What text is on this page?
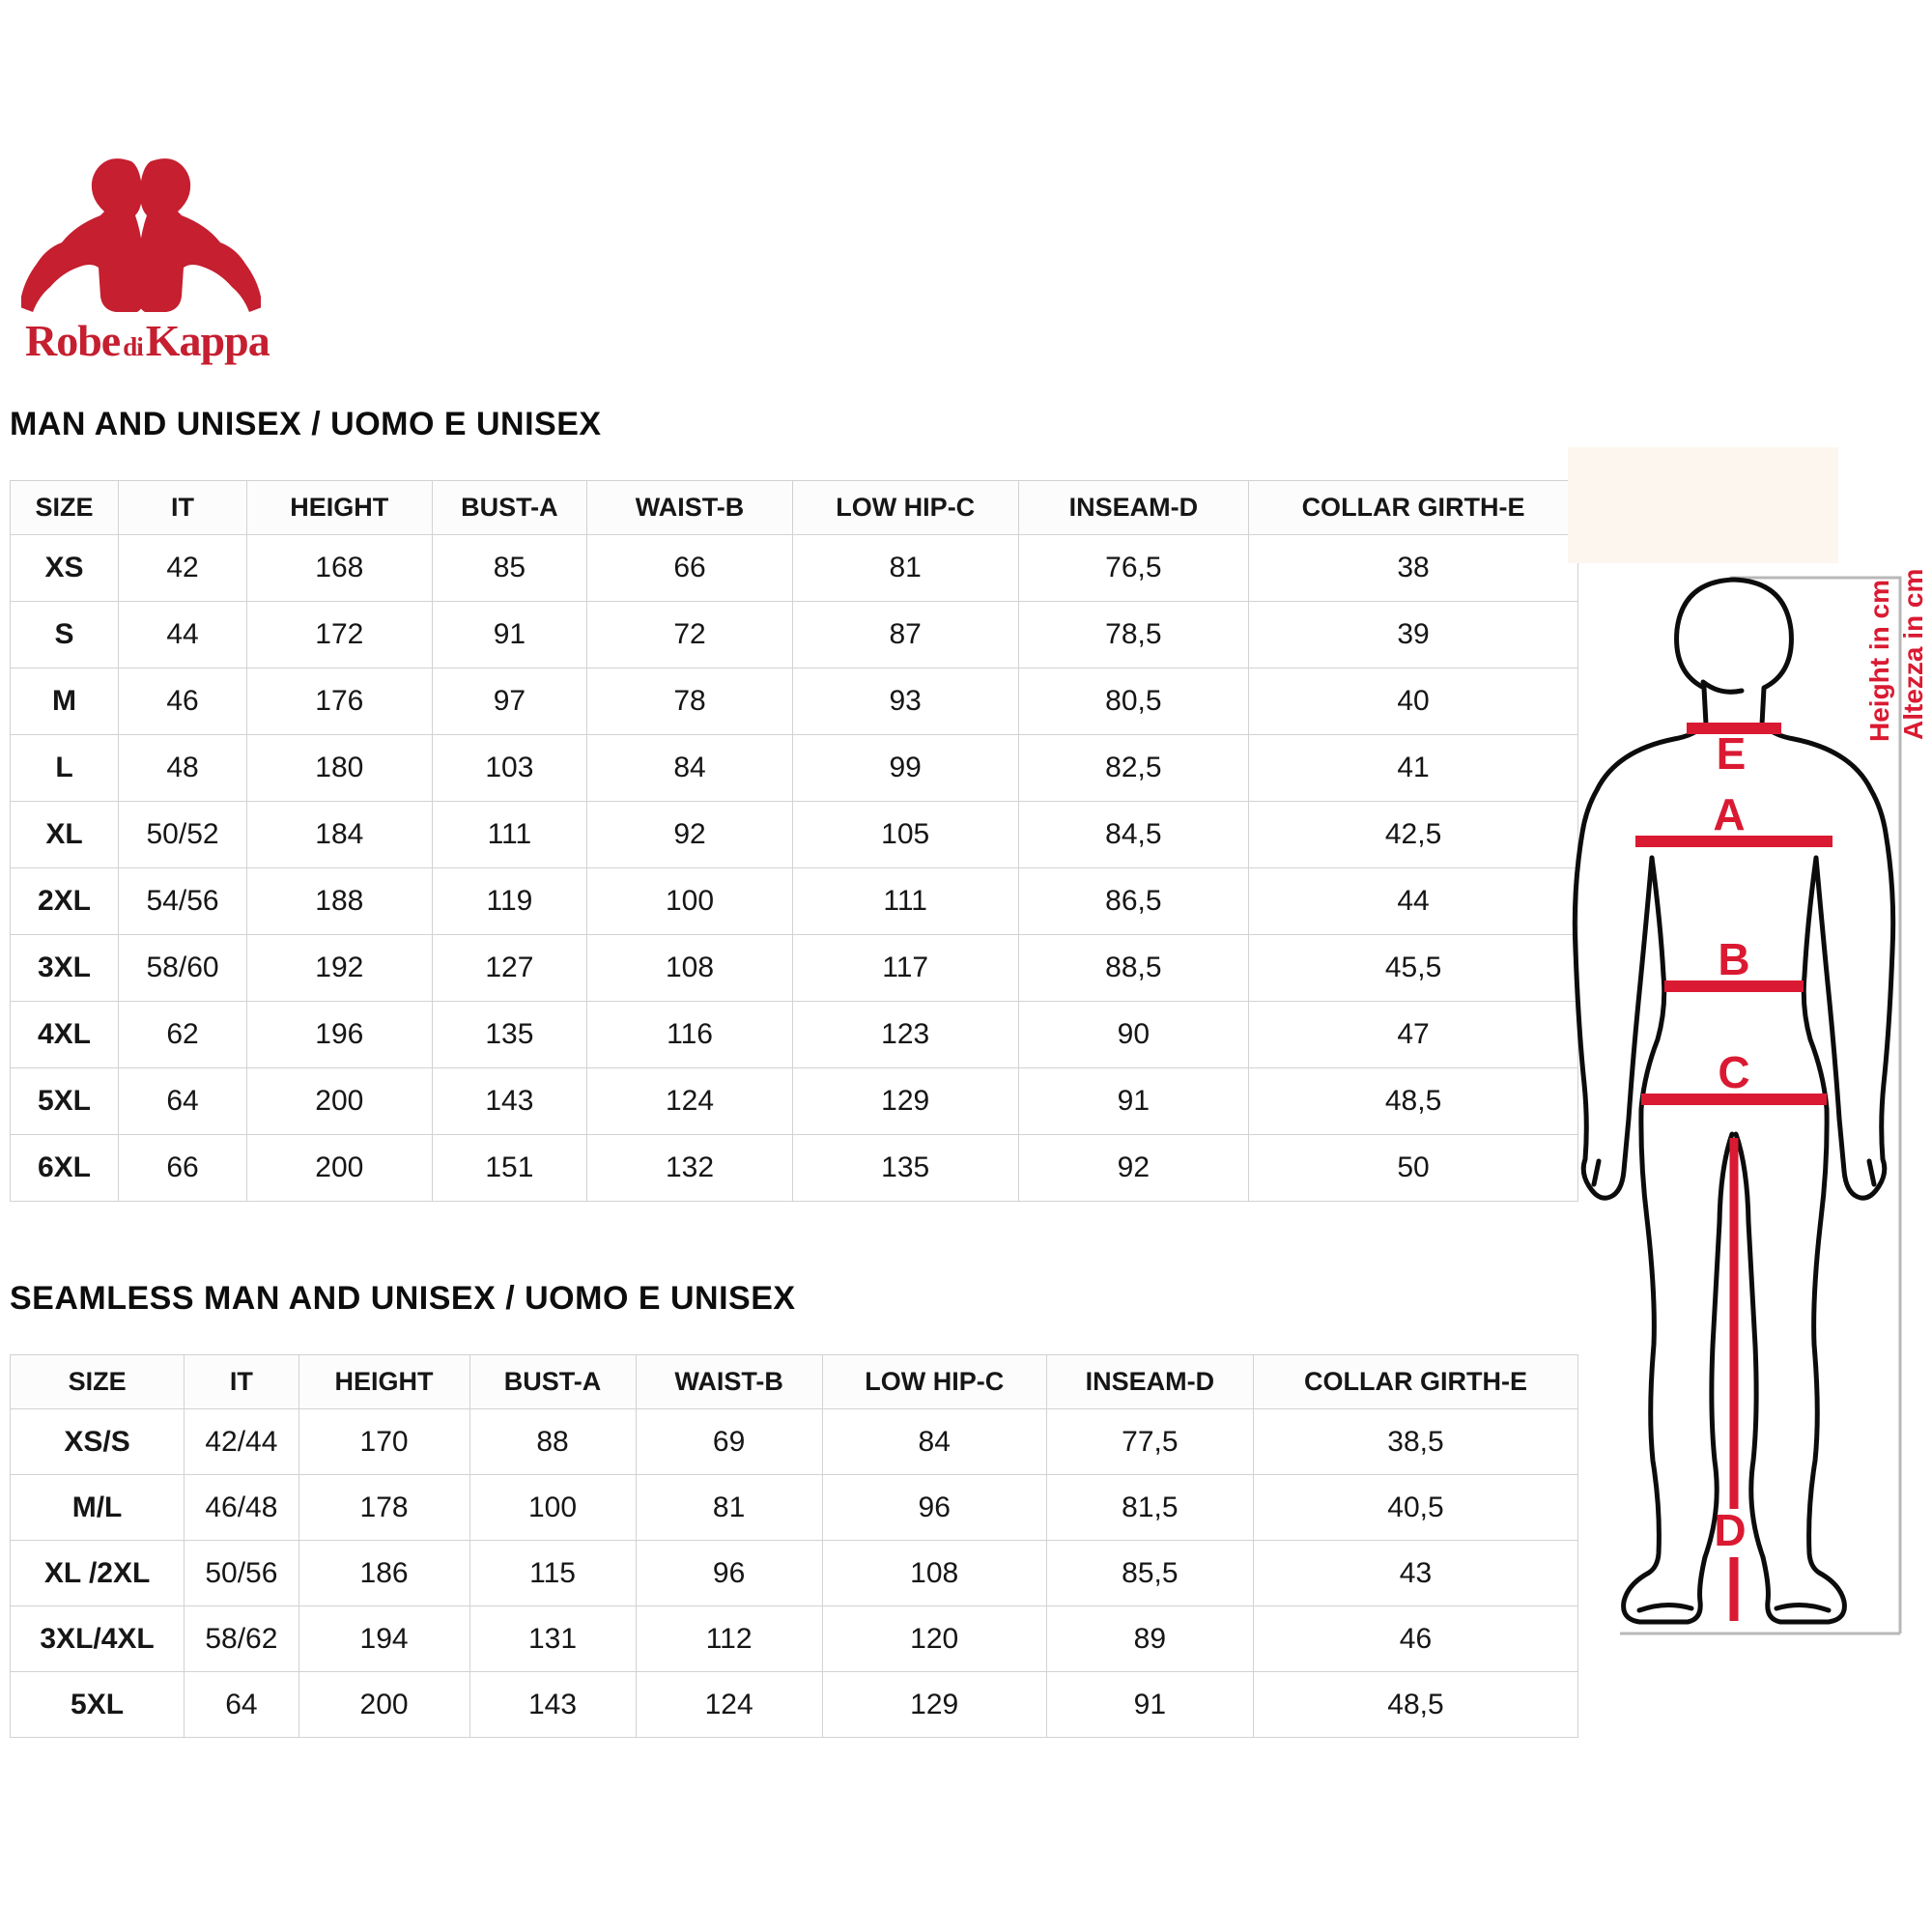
Robe di Kappa
MAN AND UNISEX / UOMO E UNISEX
SIZE	IT	HEIGHT	BUST-A	WAIST-B	LOW HIP-C	INSEAM-D	COLLAR GIRTH-E
XS	42	168	85	66	81	76,5	38
S	44	172	91	72	87	78,5	39
M	46	176	97	78	93	80,5	40
L	48	180	103	84	99	82,5	41
XL	50/52	184	111	92	105	84,5	42,5
2XL	54/56	188	119	100	111	86,5	44
3XL	58/60	192	127	108	117	88,5	45,5
4XL	62	196	135	116	123	90	47
5XL	64	200	143	124	129	91	48,5
6XL	66	200	151	132	135	92	50
SEAMLESS MAN AND UNISEX / UOMO E UNISEX
SIZE	IT	HEIGHT	BUST-A	WAIST-B	LOW HIP-C	INSEAM-D	COLLAR GIRTH-E
XS/S	42/44	170	88	69	84	77,5	38,5
M/L	46/48	178	100	81	96	81,5	40,5
XL /2XL	50/56	186	115	96	108	85,5	43
3XL/4XL	58/62	194	131	112	120	89	46
5XL	64	200	143	124	129	91	48,5
E
A
B
C
D
Height in cm Altezza in cm
